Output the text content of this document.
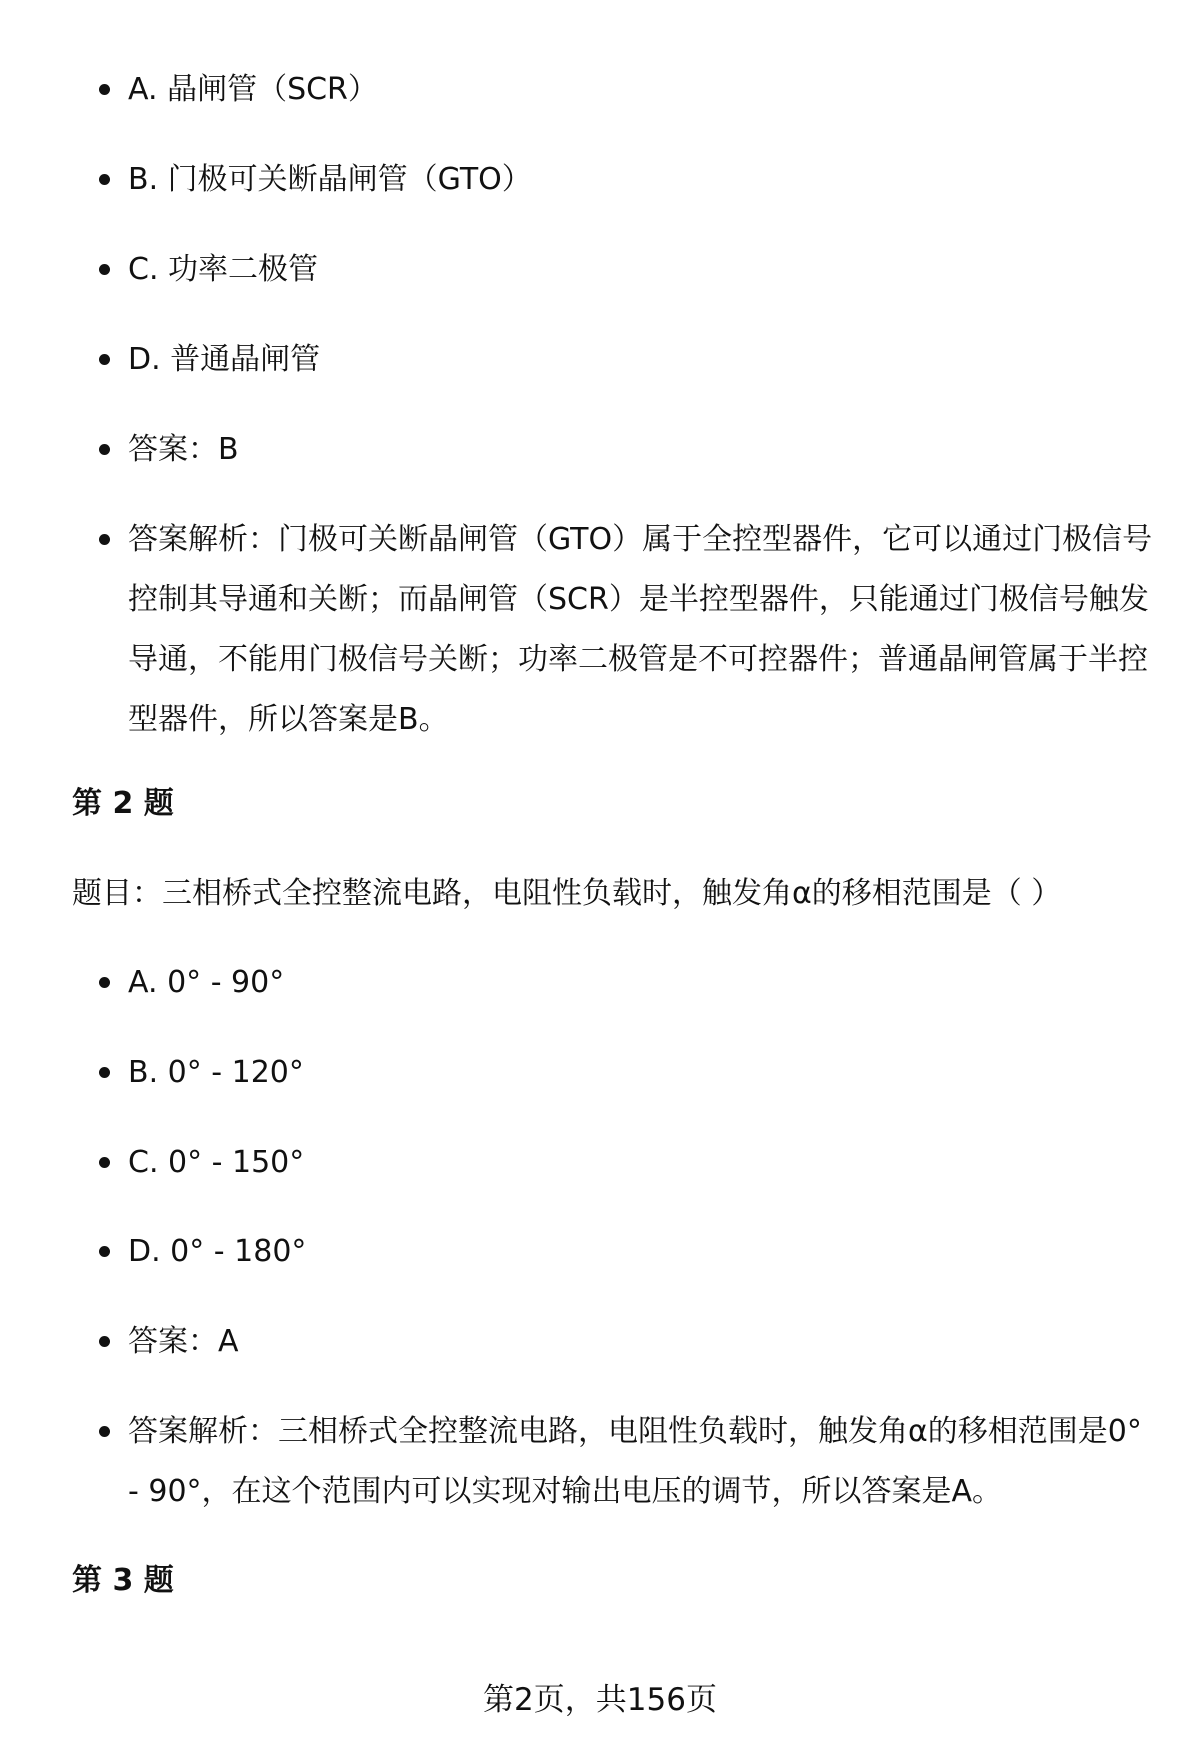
A. 晶闸管（SCR）
B. 门极可关断晶闸管（GTO）
C. 功率二极管
D. 普通晶闸管
答案：B
答案解析：门极可关断晶闸管（GTO）属于全控型器件，它可以通过门极信号控制其导通和关断；而晶闸管（SCR）是半控型器件，只能通过门极信号触发导通，不能用门极信号关断；功率二极管是不可控器件；普通晶闸管属于半控型器件，所以答案是B。
第 2 题
题目：三相桥式全控整流电路，电阻性负载时，触发角α的移相范围是（ ）
A. 0° - 90°
B. 0° - 120°
C. 0° - 150°
D. 0° - 180°
答案：A
答案解析：三相桥式全控整流电路，电阻性负载时，触发角α的移相范围是0° - 90°，在这个范围内可以实现对输出电压的调节，所以答案是A。
第 3 题
第2页，共156页
